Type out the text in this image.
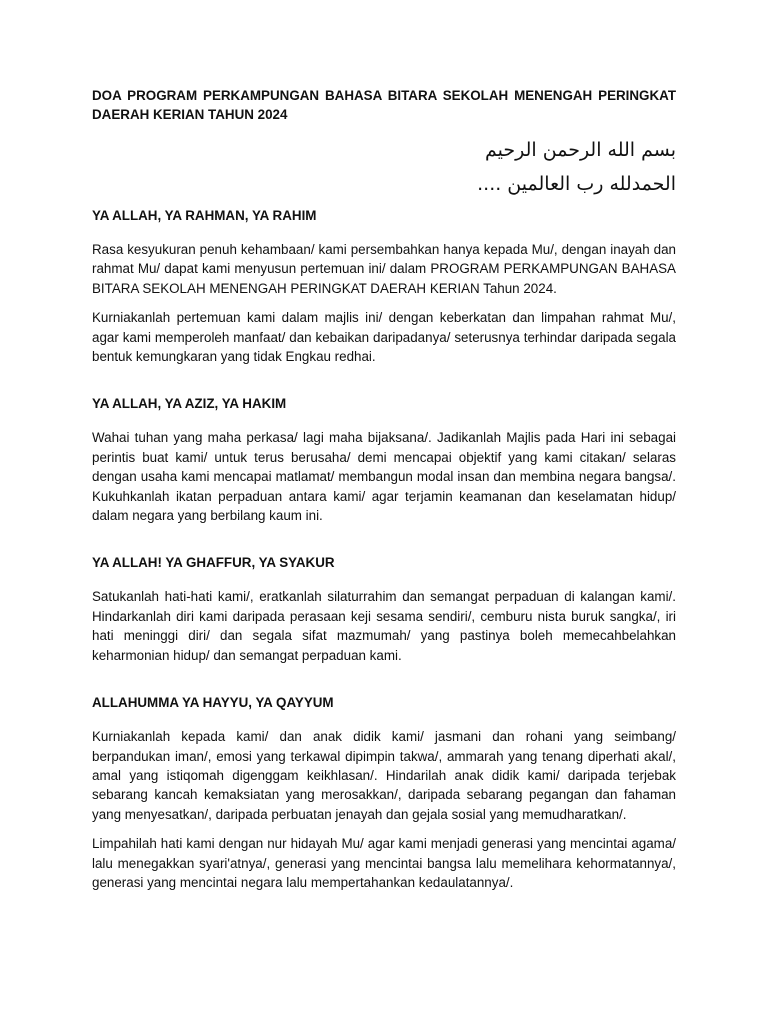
DOA PROGRAM PERKAMPUNGAN BAHASA BITARA SEKOLAH MENENGAH PERINGKAT DAERAH KERIAN TAHUN 2024

بسم الله الرحمن الرحيم

الحمدلله رب العالمين ....

YA ALLAH, YA RAHMAN, YA RAHIM

Rasa kesyukuran penuh kehambaan/ kami persembahkan hanya kepada Mu/, dengan inayah dan rahmat Mu/ dapat kami menyusun pertemuan ini/ dalam PROGRAM PERKAMPUNGAN BAHASA BITARA SEKOLAH MENENGAH PERINGKAT DAERAH KERIAN Tahun 2024.

Kurniakanlah pertemuan kami dalam majlis ini/ dengan keberkatan dan limpahan rahmat Mu/, agar kami memperoleh manfaat/ dan kebaikan daripadanya/ seterusnya terhindar daripada segala bentuk kemungkaran yang tidak Engkau redhai.

YA ALLAH, YA AZIZ, YA HAKIM

Wahai tuhan yang maha perkasa/ lagi maha bijaksana/. Jadikanlah Majlis pada Hari ini sebagai perintis buat kami/ untuk terus berusaha/ demi mencapai objektif yang kami citakan/ selaras dengan usaha kami mencapai matlamat/ membangun modal insan dan membina negara bangsa/. Kukuhkanlah ikatan perpaduan antara kami/ agar terjamin keamanan dan keselamatan hidup/ dalam negara yang berbilang kaum ini.

YA ALLAH! YA GHAFFUR, YA SYAKUR

Satukanlah hati-hati kami/, eratkanlah silaturrahim dan semangat perpaduan di kalangan kami/. Hindarkanlah diri kami daripada perasaan keji sesama sendiri/, cemburu nista buruk sangka/, iri hati meninggi diri/ dan segala sifat mazmumah/ yang pastinya boleh memecahbelahkan keharmonian hidup/ dan semangat perpaduan kami.

ALLAHUMMA YA HAYYU, YA QAYYUM

Kurniakanlah kepada kami/ dan anak didik kami/ jasmani dan rohani yang seimbang/ berpandukan iman/, emosi yang terkawal dipimpin takwa/, ammarah yang tenang diperhati akal/, amal yang istiqomah digenggam keikhlasan/. Hindarilah anak didik kami/ daripada terjebak sebarang kancah kemaksiatan yang merosakkan/, daripada sebarang pegangan dan fahaman yang menyesatkan/, daripada perbuatan jenayah dan gejala sosial yang memudharatkan/.

Limpahilah hati kami dengan nur hidayah Mu/ agar kami menjadi generasi yang mencintai agama/ lalu menegakkan syari'atnya/, generasi yang mencintai bangsa lalu memelihara kehormatannya/, generasi yang mencintai negara lalu mempertahankan kedaulatannya/.
